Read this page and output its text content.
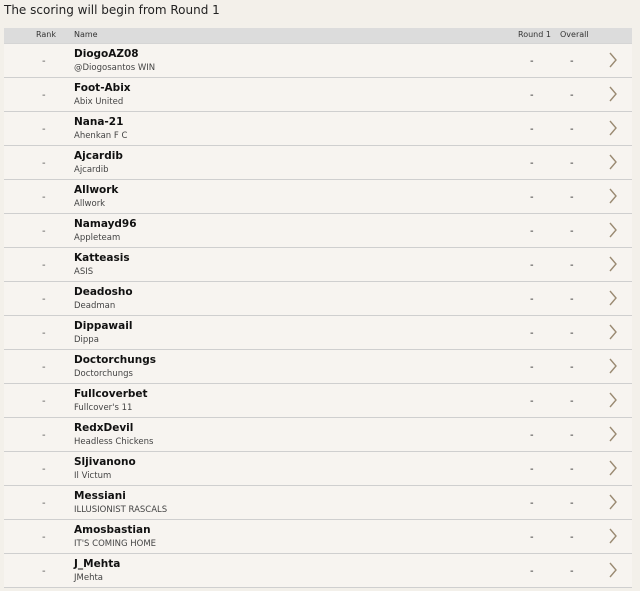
The scoring will begin from Round 1
Rank Name	Round 1 Overall
-
DiogoAZ08
@Diogosantos WIN
-	-
-
Foot-Abix
Abix United
-	-
-
Nana-21
Ahenkan F C
-	-
-
Ajcardib
Ajcardib
-	-
-
Allwork
Allwork
-	-
-
Namayd96
Appleteam
-	-
-
Katteasis
ASIS
-	-
-
Deadosho
Deadman
-	-
-
Dippawail
Dippa
-	-
-
Doctorchungs
Doctorchungs
-	-
-
Fullcoverbet
Fullcover's 11
-	-
-
RedxDevil
Headless Chickens
-	-
-
Sljivanono
Il Victum
-	-
-
Messiani
ILLUSIONIST RASCALS
-	-
-
Amosbastian
IT'S COMING HOME
-	-
-
J_Mehta
JMehta
-	-
